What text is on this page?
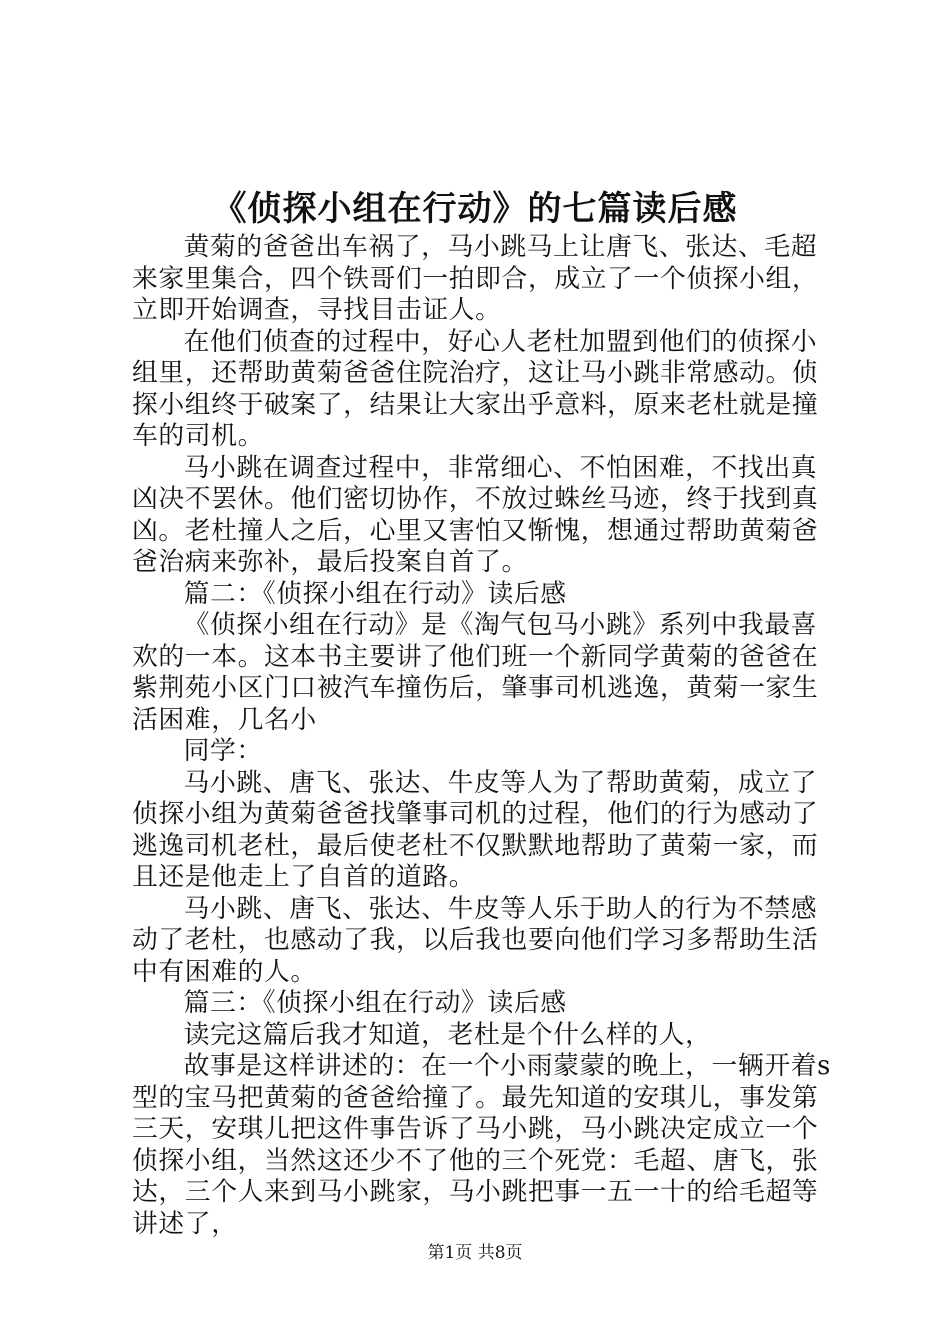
《侦探小组在行动》的七篇读后感

黄菊的爸爸出车祸了，马小跳马上让唐飞、张达、毛超来家里集合，四个铁哥们一拍即合，成立了一个侦探小组，立即开始调查，寻找目击证人。

在他们侦查的过程中，好心人老杜加盟到他们的侦探小组里，还帮助黄菊爸爸住院治疗，这让马小跳非常感动。侦探小组终于破案了，结果让大家出乎意料，原来老杜就是撞车的司机。

马小跳在调查过程中，非常细心、不怕困难，不找出真凶决不罢休。他们密切协作，不放过蛛丝马迹，终于找到真凶。老杜撞人之后，心里又害怕又惭愧，想通过帮助黄菊爸爸治病来弥补，最后投案自首了。

篇二：《侦探小组在行动》读后感

《侦探小组在行动》是《淘气包马小跳》系列中我最喜欢的一本。这本书主要讲了他们班一个新同学黄菊的爸爸在紫荆苑小区门口被汽车撞伤后，肇事司机逃逸，黄菊一家生活困难，几名小

同学：

马小跳、唐飞、张达、牛皮等人为了帮助黄菊，成立了侦探小组为黄菊爸爸找肇事司机的过程，他们的行为感动了逃逸司机老杜，最后使老杜不仅默默地帮助了黄菊一家，而且还是他走上了自首的道路。

马小跳、唐飞、张达、牛皮等人乐于助人的行为不禁感动了老杜，也感动了我，以后我也要向他们学习多帮助生活中有困难的人。

篇三：《侦探小组在行动》读后感

读完这篇后我才知道，老杜是个什么样的人，

故事是这样讲述的：在一个小雨蒙蒙的晚上，一辆开着s型的宝马把黄菊的爸爸给撞了。最先知道的安琪儿，事发第三天，安琪儿把这件事告诉了马小跳，马小跳决定成立一个侦探小组，当然这还少不了他的三个死党：毛超、唐飞，张达，三个人来到马小跳家，马小跳把事一五一十的给毛超等讲述了，

第1页 共8页
